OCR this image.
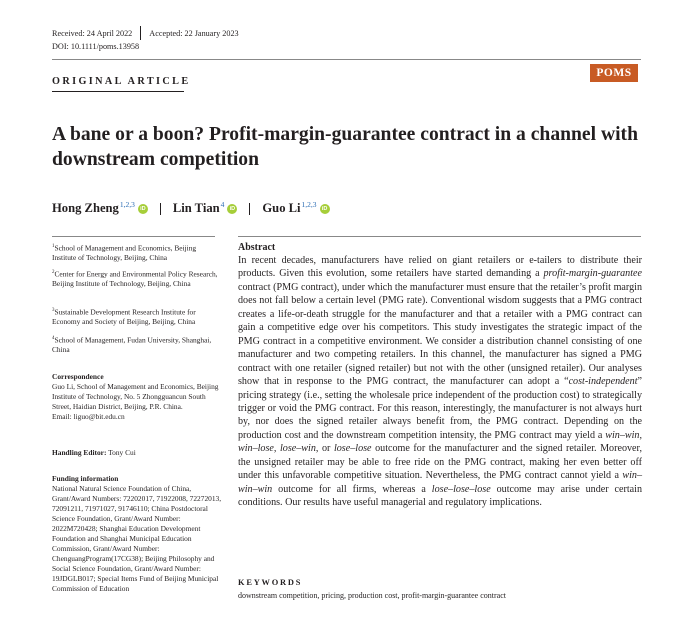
Received: 24 April 2022 Accepted: 22 January 2023
DOI: 10.1111/poms.13958
ORIGINAL ARTICLE
POMS
A bane or a boon? Profit-margin-guarantee contract in a channel with downstream competition
Hong Zheng$^{1,2,3}$ iD Lin Tian$^4$ iD Guo Li$^{1,2,3}$ iD
$^1$School of Management and Economics, Beijing Institute of Technology, Beijing, China
$^2$Center for Energy and Environmental Policy Research, Beijing Institute of Technology, Beijing, China
$^3$Sustainable Development Research Institute for Economy and Society of Beijing, Beijing, China
$^4$School of Management, Fudan University, Shanghai, China
Correspondence
Guo Li, School of Management and Economics, Beijing Institute of Technology, No. 5 Zhongguancun South Street, Haidian District, Beijing, P.R. China.
Email: liguo@bit.edu.cn
Handling Editor: Tony Cui
Funding information
National Natural Science Foundation of China, Grant/Award Numbers: 72202017, 71922008, 72272013, 72091211, 71971027, 91746110; China Postdoctoral Science Foundation, Grant/Award Number: 2022M720428; Shanghai Education Development Foundation and Shanghai Municipal Education Commission, Grant/Award Number: ChenguangProgram(17CG38); Beijing Philosophy and Social Science Foundation, Grant/Award Number: 19JDGLB017; Special Items Fund of Beijing Municipal Commission of Education
Abstract
In recent decades, manufacturers have relied on giant retailers or e-tailers to distribute their products. Given this evolution, some retailers have started demanding a profit-margin-guarantee contract (PMG contract), under which the manufacturer must ensure that the retailer’s profit margin does not fall below a certain level (PMG rate). Conventional wisdom suggests that a PMG contract creates a life-or-death struggle for the manufacturer and that a retailer with a PMG contract can gain a competitive edge over his competitors. This study investigates the strategic impact of the PMG contract in a competitive environment. We consider a distribution channel consisting of one manufacturer and two competing retailers. In this channel, the manufacturer has signed a PMG contract with one retailer (signed retailer) but not with the other (unsigned retailer). Our analyses show that in response to the PMG contract, the manufacturer can adopt a “cost-independent” pricing strategy (i.e., setting the wholesale price independent of the production cost) to strategically trigger or void the PMG contract. For this reason, interestingly, the manufacturer is not always hurt by, nor does the signed retailer always benefit from, the PMG contract. Depending on the production cost and the downstream competition intensity, the PMG contract may yield a win–win, win–lose, lose–win, or lose–lose outcome for the manufacturer and the signed retailer. Moreover, the unsigned retailer may be able to free ride on the PMG contract, making her even better off under this unfavorable competitive situation. Nevertheless, the PMG contract cannot yield a win–win–win outcome for all firms, whereas a lose–lose–lose outcome may arise under certain conditions. Our results have useful managerial and regulatory implications.
KEYWORDS
downstream competition, pricing, production cost, profit-margin-guarantee contract
